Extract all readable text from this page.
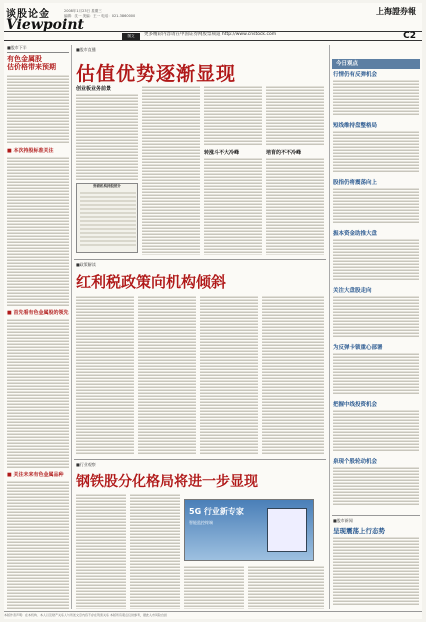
谈股论金
Viewpoint
2008年1月23日 星期三
编辑：沈一 美编：王一 电话：021-3860000	上海證券報
图文	更多精彩内容请在中国证券网股票频道 http://www.cnstock.com	C2
■股市下半
有色金属股
估价格带来预期
■ 本次持股标准关注
■ 首先看有色金属股的领先
■ 关注未来有色金属品种
■股市直播
估值优势逐渐显现
创业板业务前景
券商机构持股统计
转涨斗不大冷峰	培育的不不冷峰
■政策解读
红利税政策向机构倾斜
■行业观察
钢铁股分化格局将进一步显现
5G 行业新专家
智能监控终端
今日观点
行情仍有反弹机会
短线维持盘整格局
股指仍将震荡向上
振本资金助推大盘
关注大盘股走向
为反弹卡锁重心部署
把握中线投资机会
泉现个股轮动机会
■股市新闻
呈现震荡上行态势
本版作者声明：在本机构、本人以及财产关系人与所述文章内容不存在利害关系 本版所有观点仅供参考，据此入市风险自担
